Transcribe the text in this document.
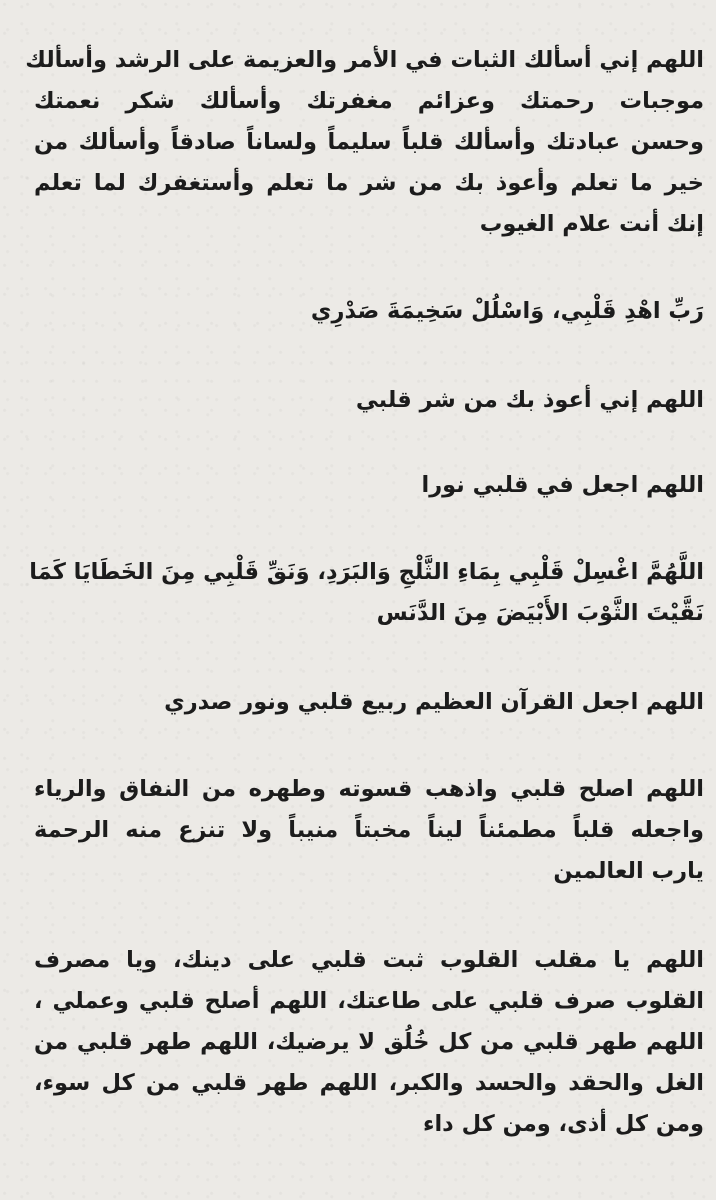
اللهم إني أسألك الثبات في الأمر والعزيمة على الرشد وأسألك
موجبات رحمتك وعزائم مغفرتك وأسألك شكر نعمتك
وحسن عبادتك وأسألك قلباً سليماً ولساناً صادقاً وأسألك من
خير ما تعلم وأعوذ بك من شر ما تعلم وأستغفرك لما تعلم
إنك أنت علام الغيوب
رَبِّ اهْدِ قَلْبِي، وَاسْلُلْ سَخِيمَةَ صَدْرِي
اللهم إني أعوذ بك من شر قلبي
اللهم اجعل في قلبي نورا
اللَّهُمَّ اغْسِلْ قَلْبِي بِمَاءِ الثَّلْجِ وَالبَرَدِ، وَنَقِّ قَلْبِي مِنَ الخَطَايَا كَمَا
نَقَّيْتَ الثَّوْبَ الأَبْيَضَ مِنَ الدَّنَس
اللهم اجعل القرآن العظيم ربيع قلبي ونور صدري
اللهم اصلح قلبي واذهب قسوته وطهره من النفاق والرياء
واجعله قلباً مطمئناً ليناً مخبتاً منيباً ولا تنزع منه الرحمة
يارب العالمين
اللهم يا مقلب القلوب ثبت قلبي على دينك، ويا مصرف
القلوب صرف قلبي على طاعتك، اللهم أصلح قلبي وعملي ،
اللهم طهر قلبي من كل خُلُق لا يرضيك، اللهم طهر قلبي من
الغل والحقد والحسد والكبر، اللهم طهر قلبي من كل سوء،
ومن كل أذى، ومن كل داء
